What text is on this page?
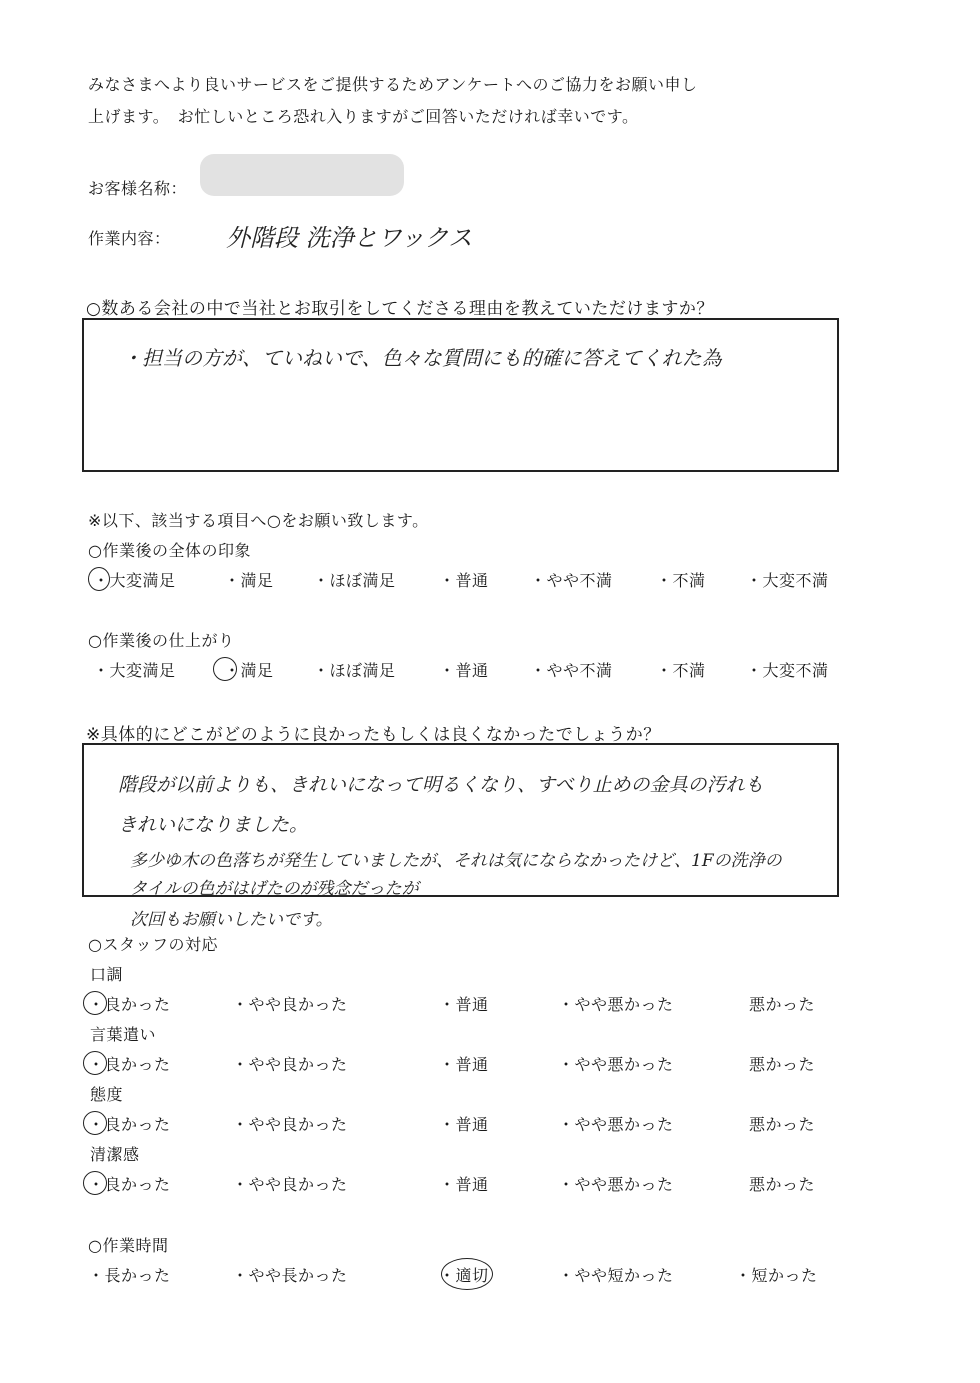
みなさまへより良いサービスをご提供するためアンケートへのご協力をお願い申し
上げます。　お忙しいところ恐れ入りますがご回答いただければ幸いです。
お客様名称：
作業内容： 外階段 洗浄とワックス
○数ある会社の中で当社とお取引をしてくださる理由を教えていただけますか？
・担当の方が、ていねいで、色々な質問にも的確に答えてくれた為
※以下、該当する項目へ○をお願い致します。
○作業後の全体の印象
・大変満足	・満足 ・ほぼ満足	・普通	・やや不満	・不満	・大変不満
○作業後の仕上がり
・大変満足	・満足 ・ほぼ満足	・普通	・やや不満	・不満	・大変不満
※具体的にどこがどのように良かったもしくは良くなかったでしょうか？
階段が以前よりも、きれいになって明るくなり、すべり止めの金具の汚れも
きれいになりました。
多少ゆ木の色落ちが発生していましたが、それは気にならなかったけど、1Fの洗浄の
タイルの色がはげたのが残念だったが
次回もお願いしたいです。
○スタッフの対応
口調
・良かった	・やや良かった	・普通	・やや悪かった	悪かった
言葉遣い
・良かった	・やや良かった	・普通	・やや悪かった	悪かった
態度
・良かった	・やや良かった	・普通	・やや悪かった	悪かった
清潔感
・良かった	・やや良かった	・普通	・やや悪かった	悪かった
○作業時間
・長かった	・やや長かった	・適切	・やや短かった	・短かった
